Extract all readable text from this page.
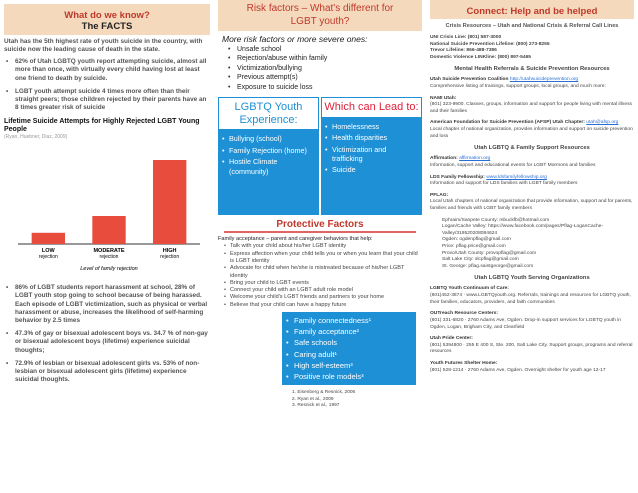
What do we know?
The FACTS

Utah has the 5th highest rate of youth suicide in the country, with suicide now the leading cause of death in the state.

• 62% of Utah LGBTQ youth report attempting suicide, almost all more than once, with virtually every child having lost at least one friend to death by suicide.
• LGBT youth attempt suicide 4 times more often than their straight peers; those children rejected by their parents have an 8 times greater risk of suicide
Lifetime Suicide Attempts for Highly Rejected LGBT Young People
(Ryan, Huebner, Diaz, 2009)
LOW
rejection
MODERATE
rejection
HIGH
rejection
Level of family rejection
• 86% of LGBT students report harassment at school, 28% of LGBT youth stop going to school because of being harassed. Each episode of LGBT victimization, such as physical or verbal harassment or abuse, increases the likelihood of self-harming behavior by 2.5 times
• 47.3% of gay or bisexual adolescent boys vs. 34.7 % of non-gay or bisexual adolescent boys (lifetime) experience suicidal thoughts;
• 72.9% of lesbian or bisexual adolescent girls vs. 53% of non-lesbian or bisexual adolescent girls (lifetime) experience suicidal thoughts.
Risk factors – What's different for
LGBT youth?
More risk factors or more severe ones:
• Unsafe school
• Rejection/abuse within family
• Victimization/bullying
• Previous attempt(s)
• Exposure to suicide loss
LGBTQ Youth Experience:
• Bullying (school)
• Family Rejection (home)
• Hostile Climate (community)
Which can Lead to:
• Homelessness
• Health disparities
• Victimization and trafficking
• Suicide
Protective Factors
Family acceptance – parent and caregiver behaviors that help:
• Talk with your child about his/her LGBT identity
• Express affection when your child tells you or when you learn that your child is LGBT identity
• Advocate for child when he/she is mistreated because of his/her LGBT identity
• Bring your child to LGBT events
• Connect your child with an LGBT adult role model
• Welcome your child's LGBT friends and partners to your home
• Believe that your child can have a happy future
• Family connectedness¹
• Family acceptance²
• Safe schools
• Caring adult¹
• High self-esteem³
• Positive role models³
1. Eisenberg & Resnick, 2006
2. Ryan et al., 2009
3. Resnick et al., 1997
Connect: Help and be helped
Crisis Resources – Utah and National Crisis & Referral Call Lines
UNI Crisis Line: (801) 587-3000
National Suicide Prevention Lifeline: (800) 273-8255
Trevor Lifeline: 866-488-7386
Domestic Violence LINKline: (800) 897-5465
Mental Health Referrals & Suicide Prevention Resources
Utah Suicide Prevention Coalition http://utahsuicideprevention.org
Comprehensive listing of trainings, support groups, local groups, and much more:
NAMI Utah:
(801) 323-9900. Classes, groups, information and support for people living with mental illness and their families
American Foundation for Suicide Prevention (AFSP) Utah Chapter: utah@afsp.org
Local chapter of national organization, provides information and support on suicide prevention and loss
Utah LGBTQ & Family Support Resources
Affirmation: affirmation.org
Information, support and educational events for LGBT Mormons and families
LDS Family Fellowship: www.ldsfamilyfellowship.org
Information and support for LDS families with LGBT family members
PFLAG:
Local Utah chapters of national organization that provide information, support and for parents, families and friends with LGBT family members
Ephraim/Sanpete County: mbuckfb@hotmail.com
Logan/Cache Valley: https://www.facebook.com/pages/Pflag-LoganCache-Valley/319520208084624
Ogden: ogdenpflag@gmail.com
Price: pflag.price@gmail.com
Provo/Utah County: provopflag@gmail.com
Salt Lake City: slcpflag@gmail.com
St. George: pflag.saintgeorge@gmail.com
Utah LGBTQ Youth Serving Organizations
LGBTQ Youth Continuum of Care:
(801)452-3874 · www.LGBTQyouth.org. Referrals, trainings and resources for LGBTQ youth, their families, educators, providers, and faith communities
OUTreach Resource Centers:
(801) 331-6820 · 2760 Adams Ave, Ogden. Drop-in support services for LGBTQ youth in Ogden, Logan, Brigham City, and Clearfield
Utah Pride Center:
(801) 5394800 · 255 E 400 S, Ste. 200, Salt Lake City. Support groups, programs and referral resources
Youth Futures Shelter Home:
(801) 528-1214 · 2760 Adams Ave, Ogden. Overnight shelter for youth age 12-17
